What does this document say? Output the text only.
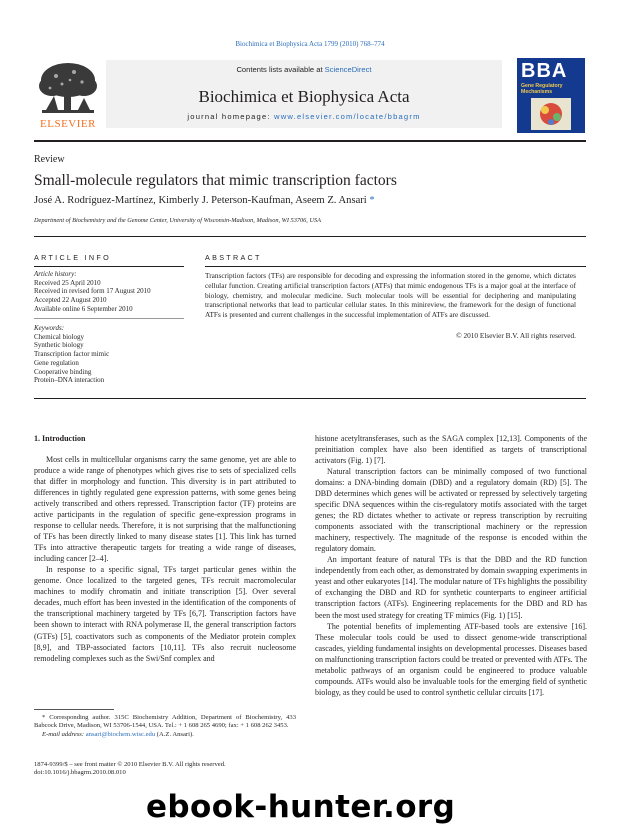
Biochimica et Biophysica Acta 1799 (2010) 768–774
ELSEVIER
Contents lists available at ScienceDirect
Biochimica et Biophysica Acta
journal homepage: www.elsevier.com/locate/bbagrm
BBA
Gene Regulatory Mechanisms
Review
Small-molecule regulators that mimic transcription factors
José A. Rodríguez-Martínez, Kimberly J. Peterson-Kaufman, Aseem Z. Ansari *
Department of Biochemistry and the Genome Center, University of Wisconsin-Madison, Madison, WI 53706, USA
ARTICLE INFO
Article history:
Received 25 April 2010
Received in revised form 17 August 2010
Accepted 22 August 2010
Available online 6 September 2010
Keywords:
Chemical biology
Synthetic biology
Transcription factor mimic
Gene regulation
Cooperative binding
Protein–DNA interaction
ABSTRACT
Transcription factors (TFs) are responsible for decoding and expressing the information stored in the genome, which dictates cellular function. Creating artificial transcription factors (ATFs) that mimic endogenous TFs is a major goal at the interface of biology, chemistry, and molecular medicine. Such molecular tools will be essential for deciphering and manipulating transcriptional networks that lead to particular cellular states. In this minireview, the framework for the design of functional ATFs is presented and current challenges in the successful implementation of ATFs are discussed.
© 2010 Elsevier B.V. All rights reserved.
1. Introduction

Most cells in multicellular organisms carry the same genome, yet are able to produce a wide range of phenotypes which gives rise to sets of specialized cells that differ in morphology and function. This diversity is in part attributed to differences in tightly regulated gene expression patterns, with some genes being actively transcribed and others repressed. Transcription factor (TF) proteins are active participants in the regulation of specific gene-expression programs in response to cellular needs. Therefore, it is not surprising that the malfunctioning of TFs has been directly linked to many disease states [1]. This link has turned TFs into attractive therapeutic targets for treating a wide range of diseases, including cancer [2–4].

In response to a specific signal, TFs target particular genes within the genome. Once localized to the targeted genes, TFs recruit macromolecular machines to modify chromatin and initiate transcription [5]. Over several decades, much effort has been invested in the identification of the components of the transcriptional machinery targeted by TFs [6,7]. Transcription factors have been shown to interact with RNA polymerase II, the general transcription factors (GTFs) [5], coactivators such as components of the Mediator protein complex [8,9], and TBP-associated factors [10,11]. TFs also recruit nucleosome remodeling complexes such as the Swi/Snf complex and

histone acetyltransferases, such as the SAGA complex [12,13]. Components of the preinitiation complex have also been identified as targets of transcriptional activators (Fig. 1) [7].

Natural transcription factors can be minimally composed of two functional domains: a DNA-binding domain (DBD) and a regulatory domain (RD) [5]. The DBD determines which genes will be activated or repressed by selectively targeting specific DNA sequences within the cis-regulatory motifs associated with the target genes; the RD dictates whether to activate or repress transcription by recruiting components associated with the transcriptional machinery or the repression machinery, respectively. The magnitude of the response is encoded within the regulatory domain.

An important feature of natural TFs is that the DBD and the RD function independently from each other, as demonstrated by domain swapping experiments in yeast and other eukaryotes [14]. The modular nature of TFs highlights the possibility of exchanging the DBD and RD for synthetic counterparts to engineer artificial transcription factors (ATFs). Engineering replacements for the DBD and RD has been the most used strategy for creating TF mimics (Fig. 1) [15].

The potential benefits of implementing ATF-based tools are extensive [16]. These molecular tools could be used to dissect genome-wide transcriptional cascades, yielding fundamental insights on developmental processes. Diseases based on malfunctioning transcription factors could be treated or prevented with ATFs. The metabolic pathways of an organism could be engineered to produce valuable compounds. ATFs would also be invaluable tools for the emerging field of synthetic biology, as they could be used to control synthetic cellular circuits [17].

* Corresponding author. 315C Biochemistry Addition, Department of Biochemistry, 433 Babcock Drive, Madison, WI 53706-1544, USA. Tel.: + 1 608 265 4690; fax: + 1 608 262 3453.
E-mail address: ansari@biochem.wisc.edu (A.Z. Ansari).
1874-9399/$ – see front matter © 2010 Elsevier B.V. All rights reserved.
doi:10.1016/j.bbagrm.2010.08.010
ebook-hunter.org
